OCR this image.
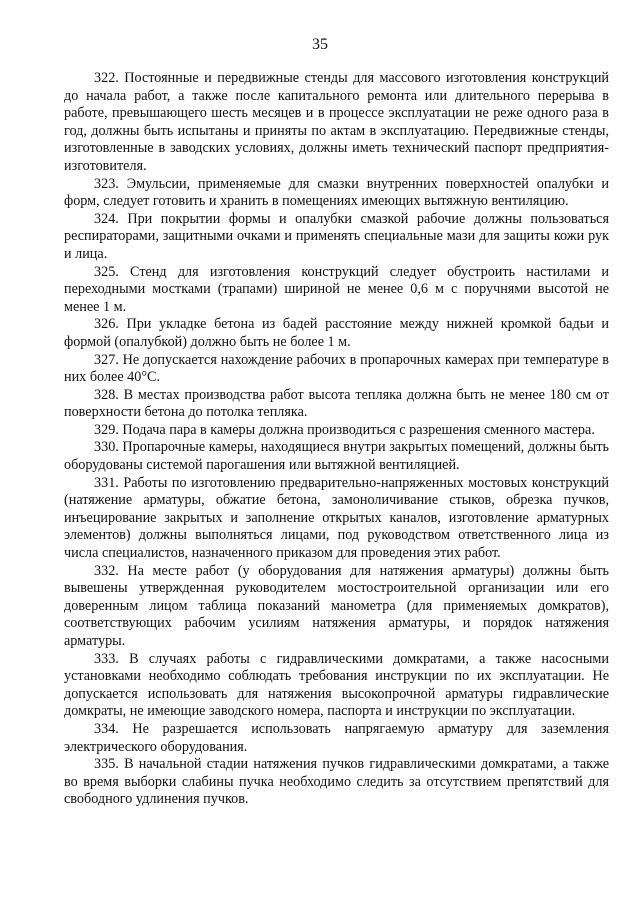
35

322. Постоянные и передвижные стенды для массового изготовления конструкций до начала работ, а также после капитального ремонта или длительного перерыва в работе, превышающего шесть месяцев и в процессе эксплуатации не реже одного раза в год, должны быть испытаны и приняты по актам в эксплуатацию. Передвижные стенды, изготовленные в заводских условиях, должны иметь технический паспорт предприятия-изготовителя.

323. Эмульсии, применяемые для смазки внутренних поверхностей опалубки и форм, следует готовить и хранить в помещениях имеющих вытяжную вентиляцию.

324. При покрытии формы и опалубки смазкой рабочие должны пользоваться респираторами, защитными очками и применять специальные мази для защиты кожи рук и лица.

325. Стенд для изготовления конструкций следует обустроить настилами и переходными мостками (трапами) шириной не менее 0,6 м с поручнями высотой не менее 1 м.

326. При укладке бетона из бадей расстояние между нижней кромкой бадьи и формой (опалубкой) должно быть не более 1 м.

327. Не допускается нахождение рабочих в пропарочных камерах при температуре в них более 40°С.

328. В местах производства работ высота тепляка должна быть не менее 180 см от поверхности бетона до потолка тепляка.

329. Подача пара в камеры должна производиться с разрешения сменного мастера.

330. Пропарочные камеры, находящиеся внутри закрытых помещений, должны быть оборудованы системой парогашения или вытяжной вентиляцией.

331. Работы по изготовлению предварительно-напряженных мостовых конструкций (натяжение арматуры, обжатие бетона, замоноличивание стыков, обрезка пучков, инъецирование закрытых и заполнение открытых каналов, изготовление арматурных элементов) должны выполняться лицами, под руководством ответственного лица из числа специалистов, назначенного приказом для проведения этих работ.

332. На месте работ (у оборудования для натяжения арматуры) должны быть вывешены утвержденная руководителем мостостроительной организации или его доверенным лицом таблица показаний манометра (для применяемых домкратов), соответствующих рабочим усилиям натяжения арматуры, и порядок натяжения арматуры.

333. В случаях работы с гидравлическими домкратами, а также насосными установками необходимо соблюдать требования инструкции по их эксплуатации. Не допускается использовать для натяжения высокопрочной арматуры гидравлические домкраты, не имеющие заводского номера, паспорта и инструкции по эксплуатации.

334. Не разрешается использовать напрягаемую арматуру для заземления электрического оборудования.

335. В начальной стадии натяжения пучков гидравлическими домкратами, а также во время выборки слабины пучка необходимо следить за отсутствием препятствий для свободного удлинения пучков.
